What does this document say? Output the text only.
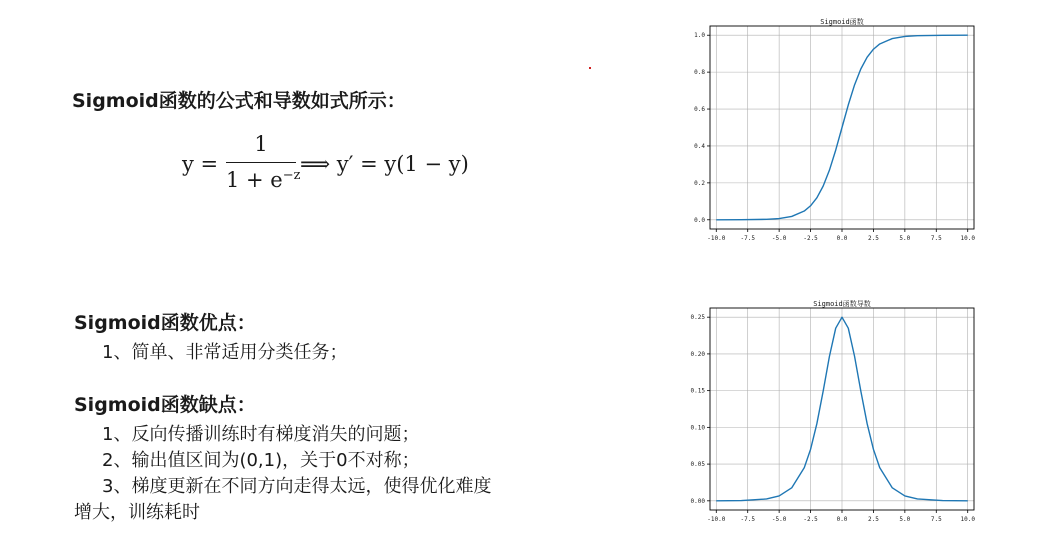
Sigmoid函数的公式和导数如式所示：
y =
1
$1 + e^{-z}$ ⟹ y′ = y(1 − y)
Sigmoid函数优点：
1、简单、非常适用分类任务；
Sigmoid函数缺点：
1、反向传播训练时有梯度消失的问题；
2、输出值区间为(0,1)，关于0不对称；
3、梯度更新在不同方向走得太远，使得优化难度
增大，训练耗时
Sigmoid函数
-10.0	-7.5	-5.0	-2.5	0.0	2.5	5.0	7.5	10.0
0.0
0.2
0.4
0.6
0.8
1.0
Sigmoid函数导数
-10.0	-7.5	-5.0	-2.5	0.0	2.5	5.0	7.5	10.0
0.00
0.05
0.10
0.15
0.20
0.25
